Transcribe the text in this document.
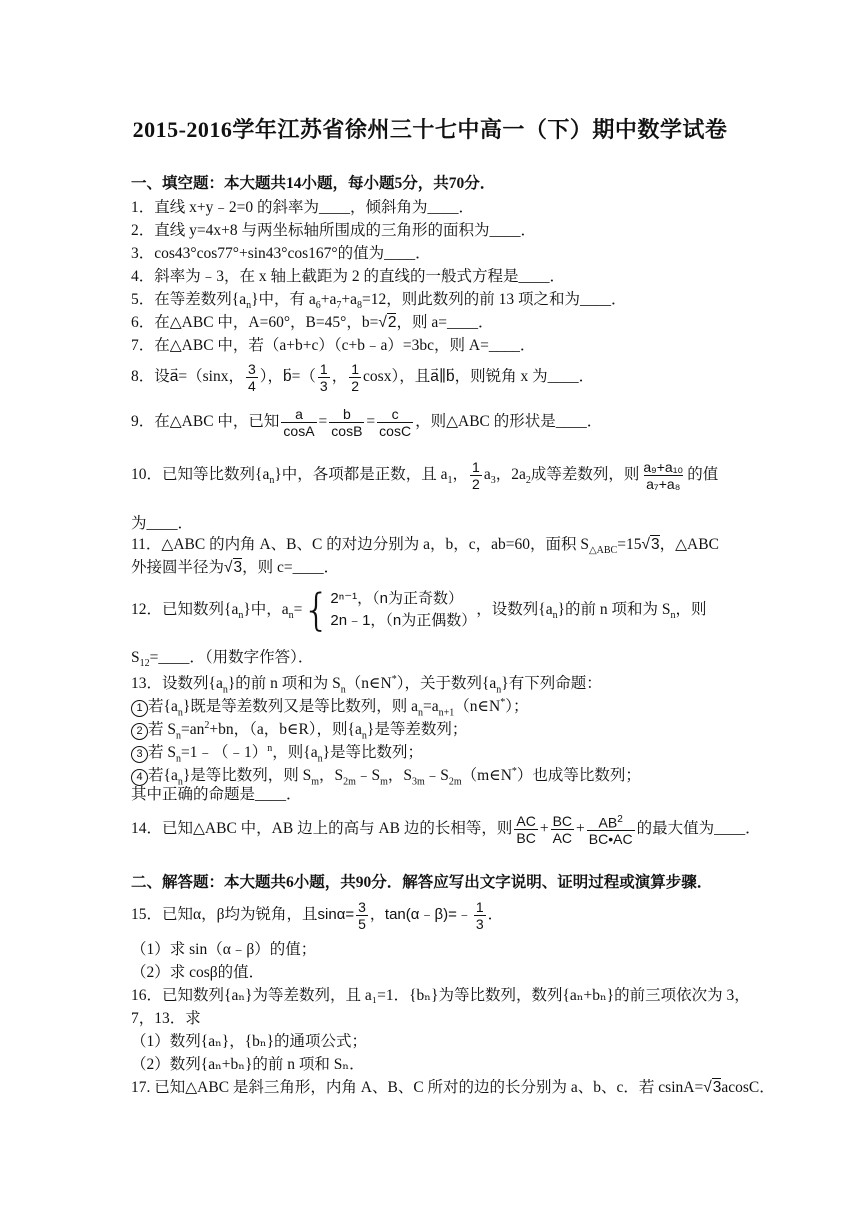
2015-2016学年江苏省徐州三十七中高一（下）期中数学试卷
一、填空题：本大题共14小题，每小题5分，共70分．
1．直线 x+y﹣2=0 的斜率为____，倾斜角为____．
2．直线 y=4x+8 与两坐标轴所围成的三角形的面积为____．
3．cos43°cos77°+sin43°cos167°的值为____．
4．斜率为﹣3，在 x 轴上截距为 2 的直线的一般式方程是____．
5．在等差数列$\{a_n\}$中，有 $a_6+a_7+a_8=12$，则此数列的前 13 项之和为____．
6．在△ABC 中，A=60°，B=45°，b=√2，则 a=____．
7．在△ABC 中，若（a+b+c）（c+b﹣a）=3bc，则 A=____．
8．设→ a=（sinx， $\frac{3}{4}$ ），→ $b=( \frac{1}{3}$ ， $\frac{1}{2} \cos x$），且→ a∥→ b，则锐角 x 为____．
9．在△ABC 中，已知 $\frac{a}{\cos A} = \frac{b}{\cos B} = \frac{c}{\cos C}$ ，则△ABC 的形状是____．
10．已知等比数列$\{a_n\}$中，各项都是正数，且 $a_1$， $\frac{1}{2} a_3$，$2a_2$成等差数列，则 $\frac{\text{a₉+a₁₀}}{\text{a₇+a₈}}$ 的值
为____．
11．△ABC 的内角 A、B、C 的对边分别为 a，b，c，ab=60，面积 $S_{\triangle ABC}=15√3$，△ABC
外接圆半径为√3，则 c=____．
12．已知数列$\{a_n\}$中，$a_n=${ 2ⁿ⁻¹，（n为正奇数）
2n﹣1，（n为正偶数）
，设数列$\{a_n\}$的前 n 项和为 $S_n$，则
$S_{12}=\_\_\_\_$．（用数字作答）．
13．设数列$\{a_n\}$的前 n 项和为 $S_n(n\in N^*)$，关于数列$\{a_n\}$有下列命题：
1 若$\{a_n\}$既是等差数列又是等比数列，则 $a_n=a_{n+1}(n\in N^*)$；
2 若 $S_n=an^2+bn$，（a，b∈R），则$\{a_n\}$是等差数列；
3 若 $S_n=1﹣(﹣1)^n$，则$\{a_n\}$是等比数列；
4 若$\{a_n\}$是等比数列，则 $S_m$，$S_{2m}﹣S_m$，$S_{3m}﹣S_{2m}(m\in N^*)$也成等比数列；
其中正确的命题是____．
14．已知△ABC 中，AB 边上的高与 AB 边的长相等，则 $\frac{AC}{BC} + \frac{BC}{AC} + \frac{AB^2}{BC•AC}$ 的最大值为____．
二、解答题：本大题共6小题，共90分．解答应写出文字说明、证明过程或演算步骤．
15．已知α，β均为锐角，且$\sin\alpha= \frac{3}{5}$ ，tan(α﹣β)=﹣ $\frac{1}{3}$ ．
（1）求 sin（α﹣β）的值；
（2）求 cosβ的值．
16．已知数列{aₙ}为等差数列，且 a₁=1．{bₙ}为等比数列，数列{aₙ+bₙ}的前三项依次为 3，
7，13．求
（1）数列{aₙ}，{bₙ}的通项公式；
（2）数列{aₙ+bₙ}的前 n 项和 Sₙ．
17. 已知△ABC 是斜三角形，内角 A、B、C 所对的边的长分别为 a、b、c．若 csinA=√3acosC．
